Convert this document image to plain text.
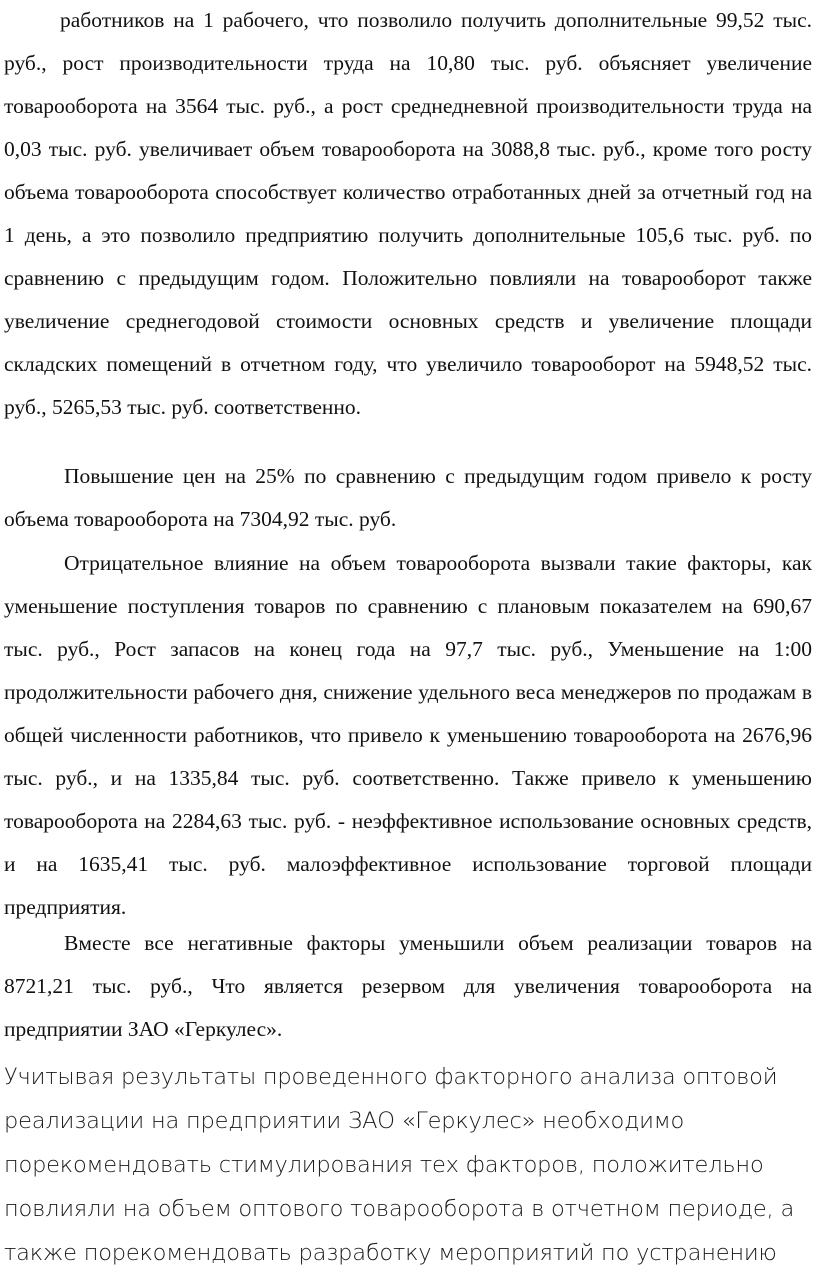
работников на 1 рабочего, что позволило получить дополнительные 99,52 тыс. руб., рост производительности труда на 10,80 тыс. руб. объясняет увеличение товарооборота на 3564 тыс. руб., а рост среднедневной производительности труда на 0,03 тыс. руб. увеличивает объем товарооборота на 3088,8 тыс. руб., кроме того росту объема товарооборота способствует количество отработанных дней за отчетный год на 1 день, а это позволило предприятию получить дополнительные 105,6 тыс. руб. по сравнению с предыдущим годом. Положительно повлияли на товарооборот также увеличение среднегодовой стоимости основных средств и увеличение площади складских помещений в отчетном году, что увеличило товарооборот на 5948,52 тыс. руб., 5265,53 тыс. руб. соответственно.

Повышение цен на 25% по сравнению с предыдущим годом привело к росту объема товарооборота на 7304,92 тыс. руб.

Отрицательное влияние на объем товарооборота вызвали такие факторы, как уменьшение поступления товаров по сравнению с плановым показателем на 690,67 тыс. руб., Рост запасов на конец года на 97,7 тыс. руб., Уменьшение на 1:00 продолжительности рабочего дня, снижение удельного веса менеджеров по продажам в общей численности работников, что привело к уменьшению товарооборота на 2676,96 тыс. руб., и на 1335,84 тыс. руб. соответственно. Также привело к уменьшению товарооборота на 2284,63 тыс. руб. - неэффективное использование основных средств, и на 1635,41 тыс. руб. малоэффективное использование торговой площади предприятия.

Вместе все негативные факторы уменьшили объем реализации товаров на 8721,21 тыс. руб., Что является резервом для увеличения товарооборота на предприятии ЗАО «Геркулес».

Учитывая результаты проведенного факторного анализа оптовой реализации на предприятии ЗАО «Геркулес» необходимо порекомендовать стимулирования тех факторов, положительно повлияли на объем оптового товарооборота в отчетном периоде, а также порекомендовать разработку мероприятий по устранению
